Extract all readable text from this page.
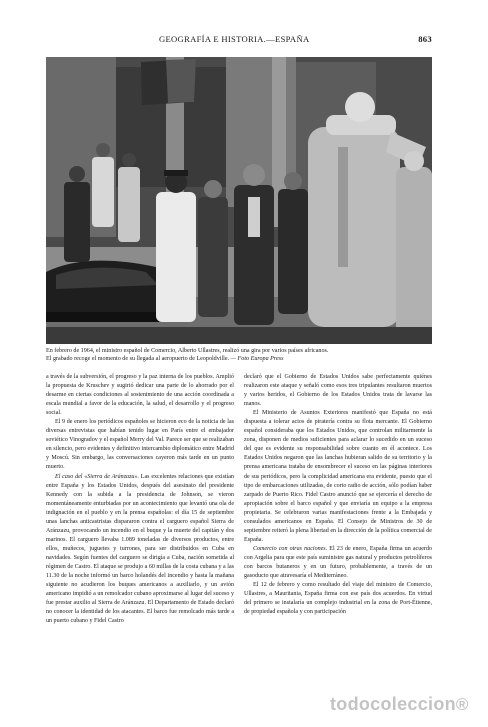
GEOGRAFÍA E HISTORIA.—ESPAÑA	863
En febrero de 1964, el ministro español de Comercio, Alberto Ullastres, realizó una gira por varios países africanos.
El grabado recoge el momento de su llegada al aeropuerto de Leopoldville. — Foto Europa Press

a través de la subversión, el progreso y la paz interna de los pueblos. Amplió la propuesta de Kruschev y sugirió dedicar una parte de lo ahorrado por el desarme en ciertas condiciones al sostenimiento de una acción coordinada a escala mundial a favor de la educación, la salud, el desarrollo y el progreso social.

El 9 de enero los periódicos españoles se hicieron eco de la noticia de las diversas entrevistas que habían tenido lugar en París entre el embajador soviético Vinogradov y el español Merry del Val. Parece ser que se realizaban en silencio, pero evidentes y definitivo intercambio diplomático entre Madrid y Moscú. Sin embargo, las conversaciones cayeron más tarde en un punto muerto.

El caso del «Sierra de Aránzazu». Las excelentes relaciones que existían entre España y los Estados Unidos, después del asesinato del presidente Kennedy con la subida a la presidencia de Johnson, se vieron momentáneamente enturbiadas por un acontecimiento que levantó una ola de indignación en el pueblo y en la prensa españolas: el día 15 de septiembre unas lanchas anticastristas dispararon contra el carguero español Sierra de Aránzazu, provocando un incendio en el buque y la muerte del capitán y dos marinos. El carguero llevaba 1.089 toneladas de diversos productos, entre ellos, muñecos, juguetes y turrones, para ser distribuidos en Cuba en navidades. Según fuentes del carguero se dirigía a Cuba, nación sometida al régimen de Castro. El ataque se produjo a 60 millas de la costa cubana y a las 11.30 de la noche informó un barco holandés del incendio y hasta la mañana siguiente no acudieron los buques americanos a auxiliarlo, y un avión americano impidió a un remolcador cubano aproximarse al lugar del suceso y fue prestar auxilio al Sierra de Aránzazu. El Departamento de Estado declaró no conocer la identidad de los atacantes. El barco fue remolcado más tarde a un puerto cubano y Fidel Castro

declaró que el Gobierno de Estados Unidos sabe perfectamente quiénes realizaron este ataque y señaló como esos tres tripulantes resultaron muertos y varios heridos, el Gobierno de los Estados Unidos trata de lavarse las manos.

El Ministerio de Asuntos Exteriores manifestó que España no está dispuesta a tolerar actos de piratería contra su flota mercante. El Gobierno español consideraba que los Estados Unidos, que controlan militarmente la zona, disponen de medios suficientes para aclarar lo sucedido en un suceso del que es evidente su responsabilidad sobre cuanto en él acontece. Los Estados Unidos negaron que las lanchas hubieran salido de su territorio y la prensa americana trataba de ensombrecer el suceso en las páginas interiores de sus periódicos, pero la complicidad americana era evidente, puesto que el tipo de embarcaciones utilizadas, de corto radio de acción, sólo podían haber zarpado de Puerto Rico. Fidel Castro anunció que se ejercería el derecho de apropiación sobre el barco español y que enviaría un equipo a la empresa propietaria. Se celebraron varias manifestaciones frente a la Embajada y consulados americanos en España. El Consejo de Ministros de 30 de septiembre reiteró la plena libertad en la dirección de la política comercial de España.

Comercio con otras naciones. El 23 de enero, España firma un acuerdo con Argelia para que este país suministre gas natural y productos petrolíferos con barcos butaneros y en un futuro, probablemente, a través de un gasoducto que atravesaría el Mediterráneo.

El 12 de febrero y como resultado del viaje del ministro de Comercio, Ullastres, a Mauritania, España firma con ese país dos acuerdos. En virtud del primero se instalaría un complejo industrial en la zona de Port-Étienne, de propiedad española y con participación

todocoleccion®
